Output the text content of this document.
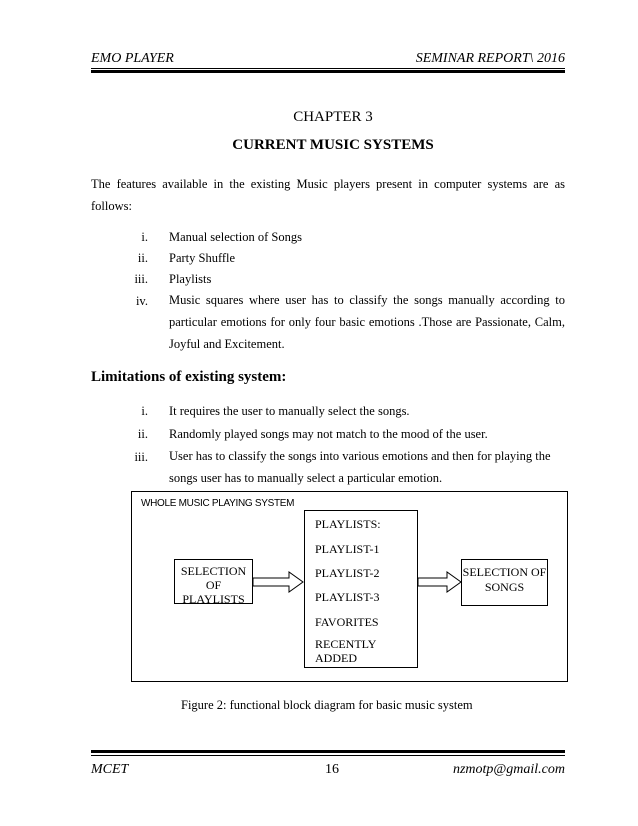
EMO PLAYER	SEMINAR REPORT\ 2016
CHAPTER 3
CURRENT MUSIC SYSTEMS
The features available in the existing Music players present in computer systems are as follows:
i. Manual selection of Songs
ii. Party Shuffle
iii. Playlists
iv. Music squares where user has to classify the songs manually according to particular emotions for only four basic emotions .Those are Passionate, Calm, Joyful and Excitement.
Limitations of existing system:
i. It requires the user to manually select the songs.
ii. Randomly played songs may not match to the mood of the user.
iii. User has to classify the songs into various emotions and then for playing the songs user has to manually select a particular emotion.
WHOLE MUSIC PLAYING SYSTEM
SELECTION OF PLAYLISTS
PLAYLISTS:
PLAYLIST-1
PLAYLIST-2
PLAYLIST-3
FAVORITES
RECENTLY ADDED
SELECTION OF SONGS
Figure 2: functional block diagram for basic music system
MCET	16	nzmotp@gmail.com
